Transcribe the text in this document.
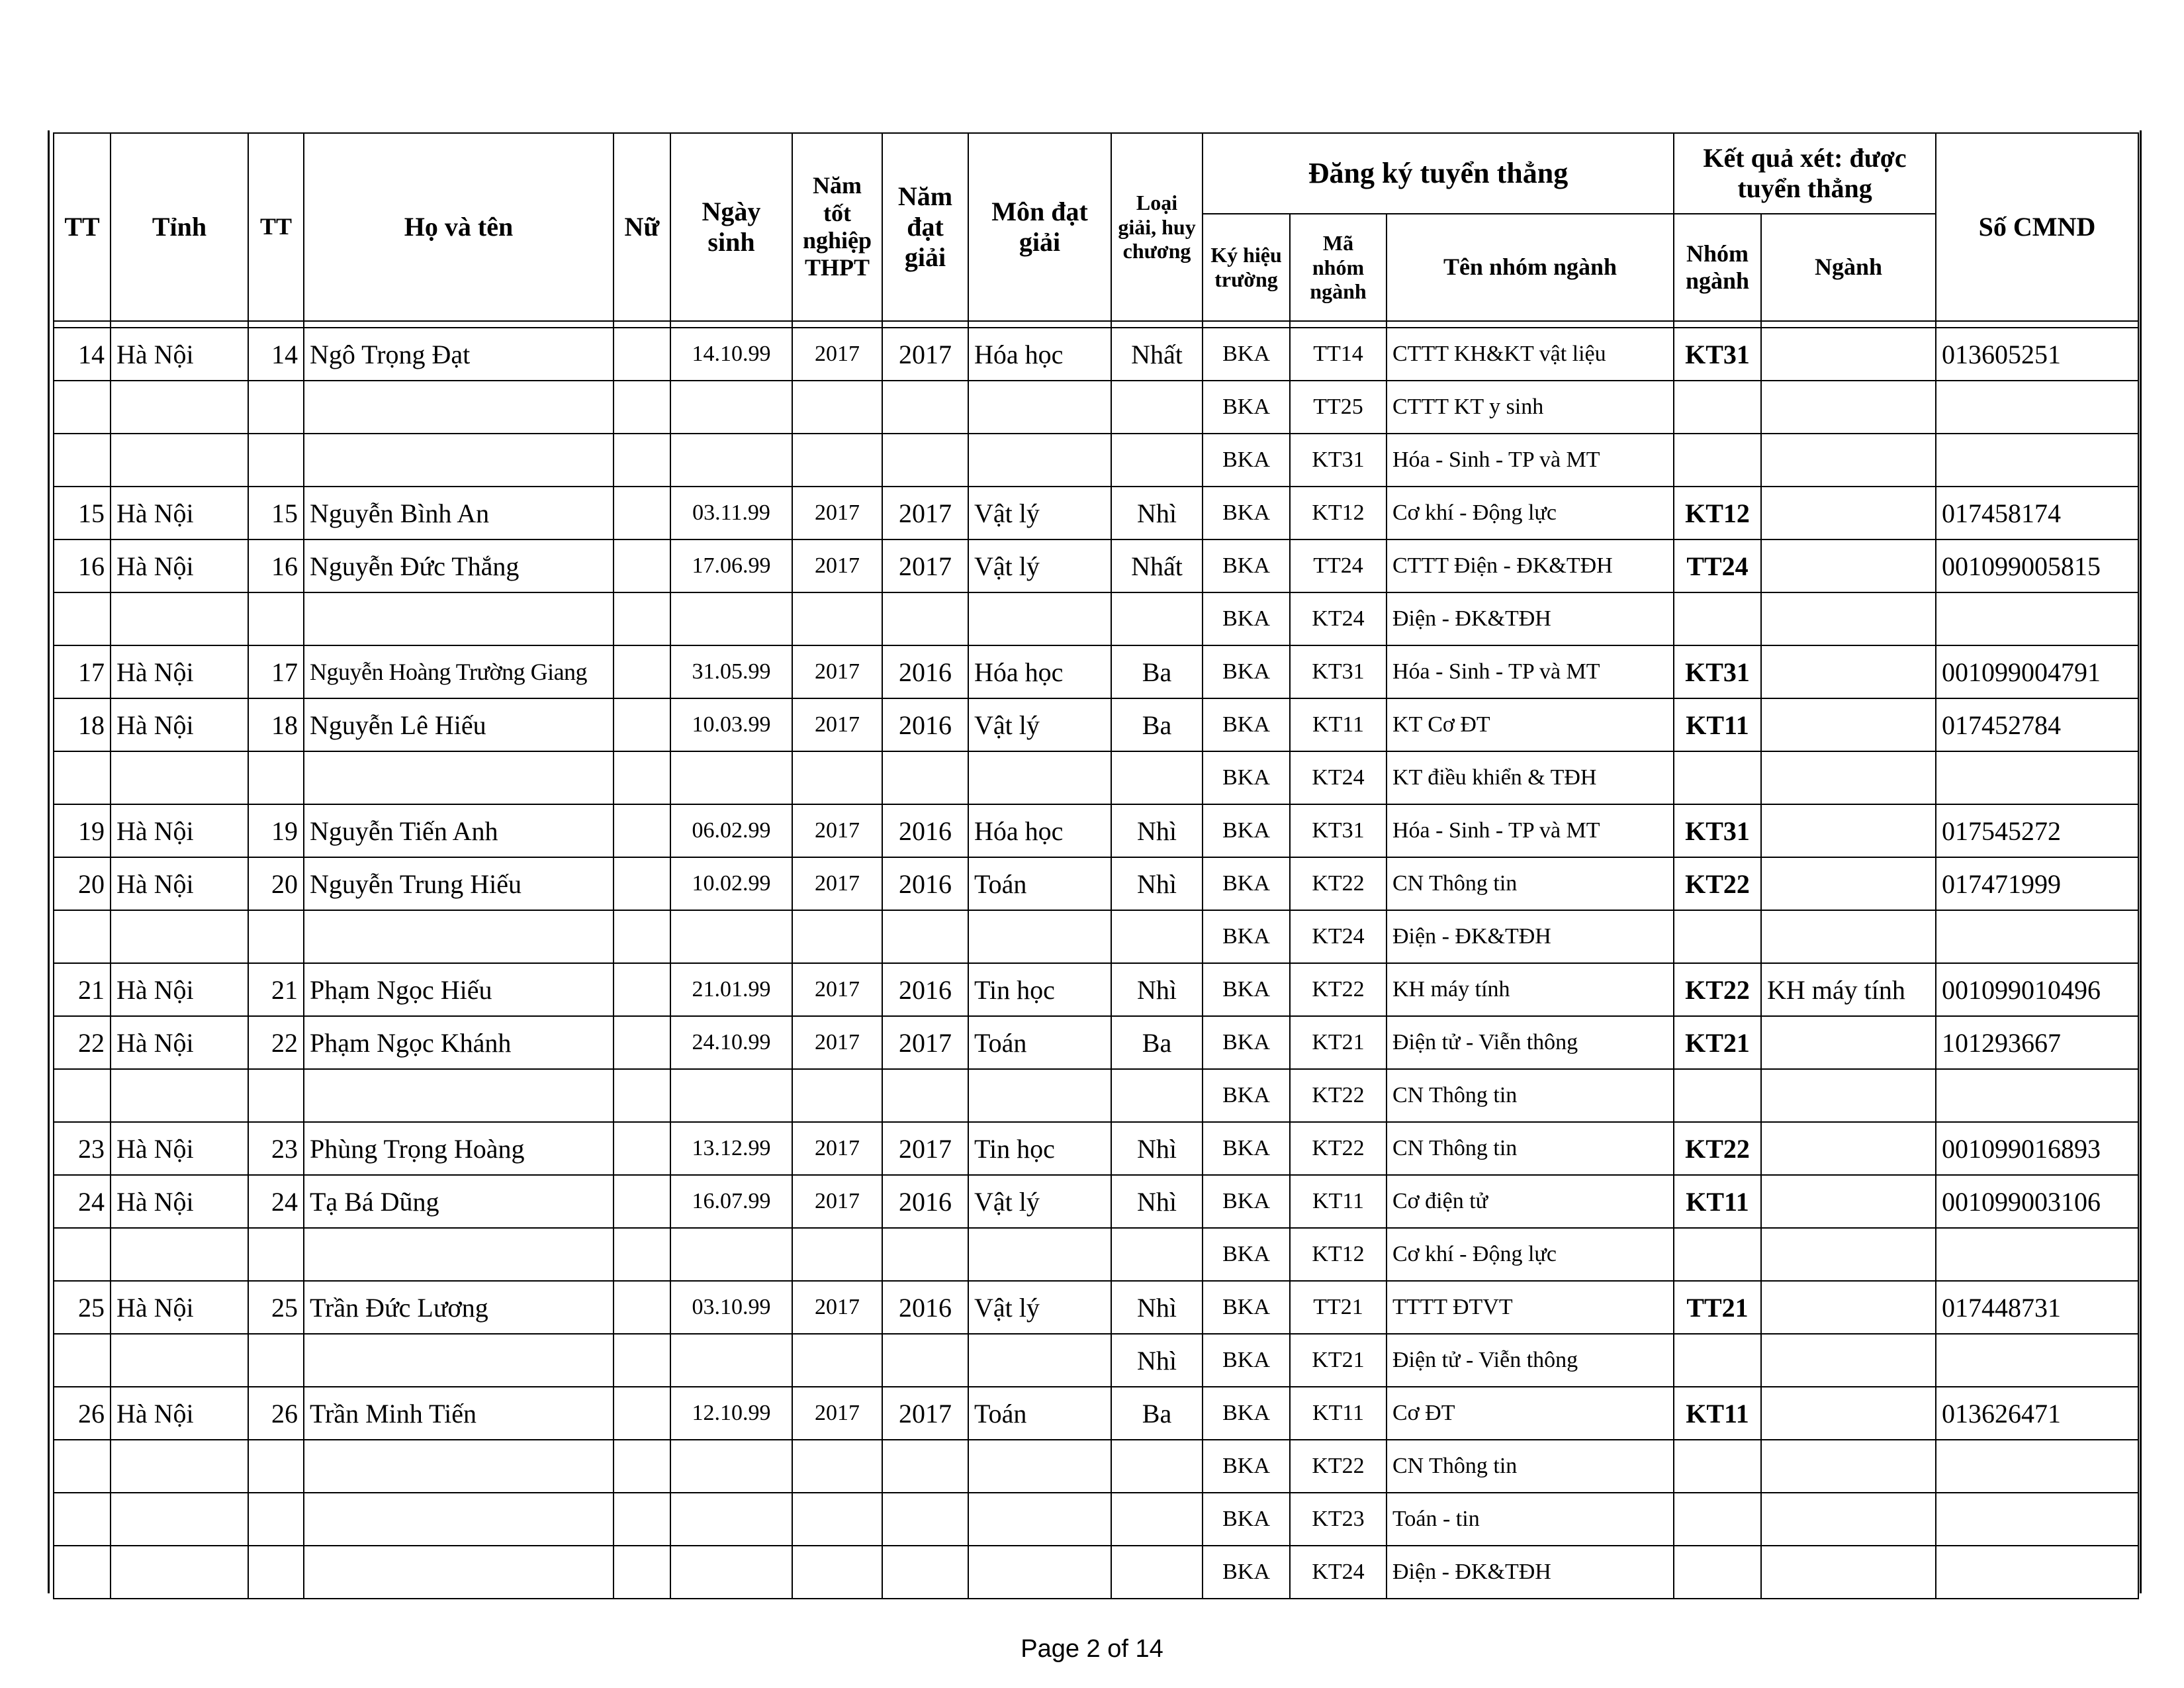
TT	Tỉnh	TT	Họ và tên	Nữ	Ngày sinh	Năm tốt nghiệp THPT	Năm đạt giải	Môn đạt giải	Loại giải, huy chương	Đăng ký tuyển thẳng			Kết quả xét: được tuyển thẳng		Số CMND
										Ký hiệu trường	Mã nhóm ngành	Tên nhóm ngành	Nhóm ngành	Ngành	

14	Hà Nội	14	Ngô Trọng Đạt		14.10.99	2017	2017	Hóa học	Nhất	BKA	TT14	CTTT KH&KT vật liệu	KT31		013605251
										BKA	TT25	CTTT KT y sinh			
										BKA	KT31	Hóa - Sinh - TP và MT			
15	Hà Nội	15	Nguyễn Bình An		03.11.99	2017	2017	Vật lý	Nhì	BKA	KT12	Cơ khí - Động lực	KT12		017458174
16	Hà Nội	16	Nguyễn Đức Thắng		17.06.99	2017	2017	Vật lý	Nhất	BKA	TT24	CTTT Điện - ĐK&TĐH	TT24		001099005815
										BKA	KT24	Điện - ĐK&TĐH			
17	Hà Nội	17	Nguyễn Hoàng Trường Giang		31.05.99	2017	2016	Hóa học	Ba	BKA	KT31	Hóa - Sinh - TP và MT	KT31		001099004791
18	Hà Nội	18	Nguyễn Lê Hiếu		10.03.99	2017	2016	Vật lý	Ba	BKA	KT11	KT Cơ ĐT	KT11		017452784
										BKA	KT24	KT điều khiển & TĐH			
19	Hà Nội	19	Nguyễn Tiến Anh		06.02.99	2017	2016	Hóa học	Nhì	BKA	KT31	Hóa - Sinh - TP và MT	KT31		017545272
20	Hà Nội	20	Nguyễn Trung Hiếu		10.02.99	2017	2016	Toán	Nhì	BKA	KT22	CN Thông tin	KT22		017471999
										BKA	KT24	Điện - ĐK&TĐH			
21	Hà Nội	21	Phạm Ngọc Hiếu		21.01.99	2017	2016	Tin học	Nhì	BKA	KT22	KH máy tính	KT22	KH máy tính	001099010496
22	Hà Nội	22	Phạm Ngọc Khánh		24.10.99	2017	2017	Toán	Ba	BKA	KT21	Điện tử - Viễn thông	KT21		101293667
										BKA	KT22	CN Thông tin			
23	Hà Nội	23	Phùng Trọng Hoàng		13.12.99	2017	2017	Tin học	Nhì	BKA	KT22	CN Thông tin	KT22		001099016893
24	Hà Nội	24	Tạ Bá Dũng		16.07.99	2017	2016	Vật lý	Nhì	BKA	KT11	Cơ điện tử	KT11		001099003106
										BKA	KT12	Cơ khí - Động lực			
25	Hà Nội	25	Trần Đức Lương		03.10.99	2017	2016	Vật lý	Nhì	BKA	TT21	TTTT ĐTVT	TT21		017448731
									Nhì	BKA	KT21	Điện tử - Viễn thông			
26	Hà Nội	26	Trần Minh Tiến		12.10.99	2017	2017	Toán	Ba	BKA	KT11	Cơ ĐT	KT11		013626471
										BKA	KT22	CN Thông tin			
										BKA	KT23	Toán - tin			
										BKA	KT24	Điện - ĐK&TĐH			
Page 2 of 14
